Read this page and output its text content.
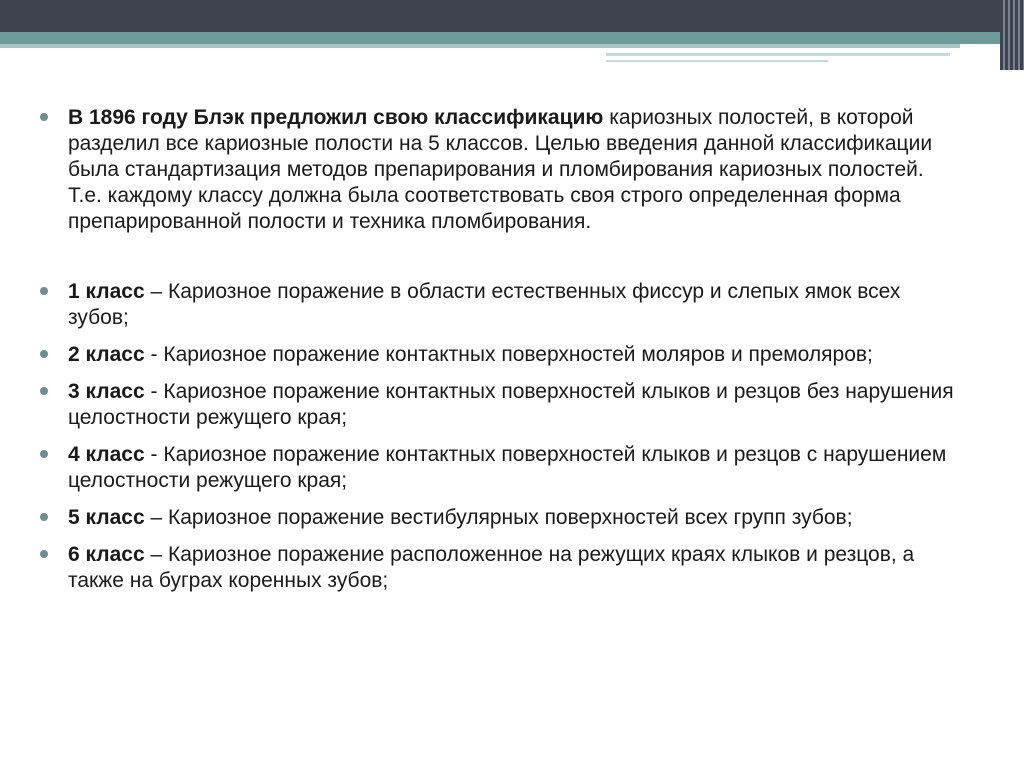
В 1896 году Блэк предложил свою классификацию кариозных полостей, в которой разделил все кариозные полости на 5 классов. Целью введения данной классификации была стандартизация методов препарирования и пломбирования кариозных полостей. Т.е. каждому классу должна была соответствовать своя строго определенная форма препарированной полости и техника пломбирования.
1 класс – Кариозное поражение в области естественных фиссур и слепых ямок всех зубов;
2 класс - Кариозное поражение контактных поверхностей моляров и премоляров;
3 класс - Кариозное поражение контактных поверхностей клыков и резцов без нарушения целостности режущего края;
4 класс - Кариозное поражение контактных поверхностей клыков и резцов с нарушением целостности режущего края;
5 класс – Кариозное поражение вестибулярных поверхностей всех групп зубов;
6 класс – Кариозное поражение расположенное на режущих краях клыков и резцов, а также на буграх коренных зубов;
